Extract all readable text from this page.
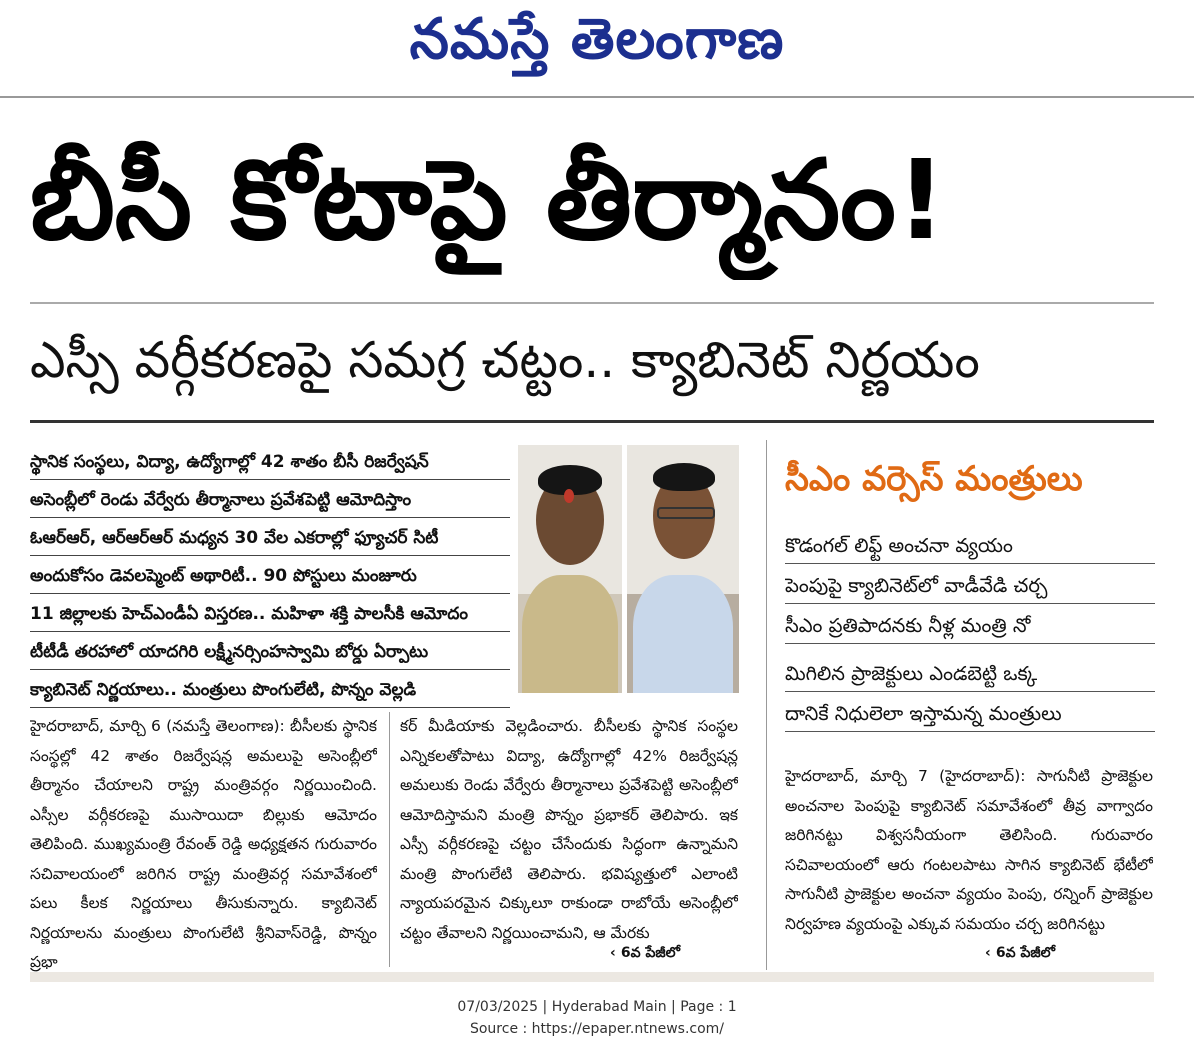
నమస్తే తెలంగాణ
బీసీ కోటాపై తీర్మానం!
ఎస్సీ వర్గీకరణపై సమగ్ర చట్టం.. క్యాబినెట్ నిర్ణయం
స్థానిక సంస్థలు, విద్యా, ఉద్యోగాల్లో 42 శాతం బీసీ రిజర్వేషన్
అసెంబ్లీలో రెండు వేర్వేరు తీర్మానాలు ప్రవేశపెట్టి ఆమోదిస్తాం
ఓఆర్ఆర్, ఆర్ఆర్ఆర్ మధ్యన 30 వేల ఎకరాల్లో ఫ్యూచర్ సిటీ
అందుకోసం డెవలప్మెంట్ అథారిటీ.. 90 పోస్టులు మంజూరు
11 జిల్లాలకు హెచ్ఎండీఏ విస్తరణ.. మహిళా శక్తి పాలసీకి ఆమోదం
టీటీడీ తరహాలో యాదగిరి లక్ష్మీనర్సింహస్వామి బోర్డు ఏర్పాటు
క్యాబినెట్ నిర్ణయాలు.. మంత్రులు పొంగులేటి, పొన్నం వెల్లడి
హైదరాబాద్, మార్చి 6 (నమస్తే తెలంగాణ): బీసీలకు స్థానిక సంస్థల్లో 42 శాతం రిజర్వేషన్ల అమలుపై అసెంబ్లీలో తీర్మానం చేయాలని రాష్ట్ర మంత్రివర్గం నిర్ణయించింది. ఎస్సీల వర్గీకరణపై ముసాయిదా బిల్లుకు ఆమోదం తెలిపింది. ముఖ్యమంత్రి రేవంత్ రెడ్డి అధ్యక్షతన గురువారం సచివాలయంలో జరిగిన రాష్ట్ర మంత్రివర్గ సమావేశంలో పలు కీలక నిర్ణయాలు తీసుకున్నారు. క్యాబినెట్ నిర్ణయాలను మంత్రులు పొంగులేటి శ్రీనివాస్‌రెడ్డి, పొన్నం ప్రభా
కర్ మీడియాకు వెల్లడించారు. బీసీలకు స్థానిక సంస్థల ఎన్నికలతోపాటు విద్యా, ఉద్యోగాల్లో 42% రిజర్వేషన్ల అమలుకు రెండు వేర్వేరు తీర్మానాలు ప్రవేశపెట్టి అసెంబ్లీలో ఆమోదిస్తామని మంత్రి పొన్నం ప్రభాకర్ తెలిపారు. ఇక ఎస్సీ వర్గీకరణపై చట్టం చేసేందుకు సిద్ధంగా ఉన్నామని మంత్రి పొంగులేటి తెలిపారు. భవిష్యత్తులో ఎలాంటి న్యాయపరమైన చిక్కులూ రాకుండా రాబోయే అసెంబ్లీలో చట్టం తేవాలని నిర్ణయించామని, ఆ మేరకు
‹ 6వ పేజీలో
సీఎం వర్సెస్ మంత్రులు
కొడంగల్ లిఫ్ట్ అంచనా వ్యయం
పెంపుపై క్యాబినెట్‌లో వాడీవేడి చర్చ
సీఎం ప్రతిపాదనకు నీళ్ల మంత్రి నో
మిగిలిన ప్రాజెక్టులు ఎండబెట్టి ఒక్క
దానికే నిధులెలా ఇస్తామన్న మంత్రులు
హైదరాబాద్, మార్చి 7 (హైదరాబాద్): సాగునీటి ప్రాజెక్టుల అంచనాల పెంపుపై క్యాబినెట్ సమావేశంలో తీవ్ర వాగ్వాదం జరిగినట్టు విశ్వసనీయంగా తెలిసింది. గురువారం సచివాలయంలో ఆరు గంటలపాటు సాగిన క్యాబినెట్ భేటీలో సాగునీటి ప్రాజెక్టుల అంచనా వ్యయం పెంపు, రన్నింగ్ ప్రాజెక్టుల నిర్వహణ వ్యయంపై ఎక్కువ సమయం చర్చ జరిగినట్టు
‹ 6వ పేజీలో
07/03/2025 | Hyderabad Main | Page : 1
Source : https://epaper.ntnews.com/
